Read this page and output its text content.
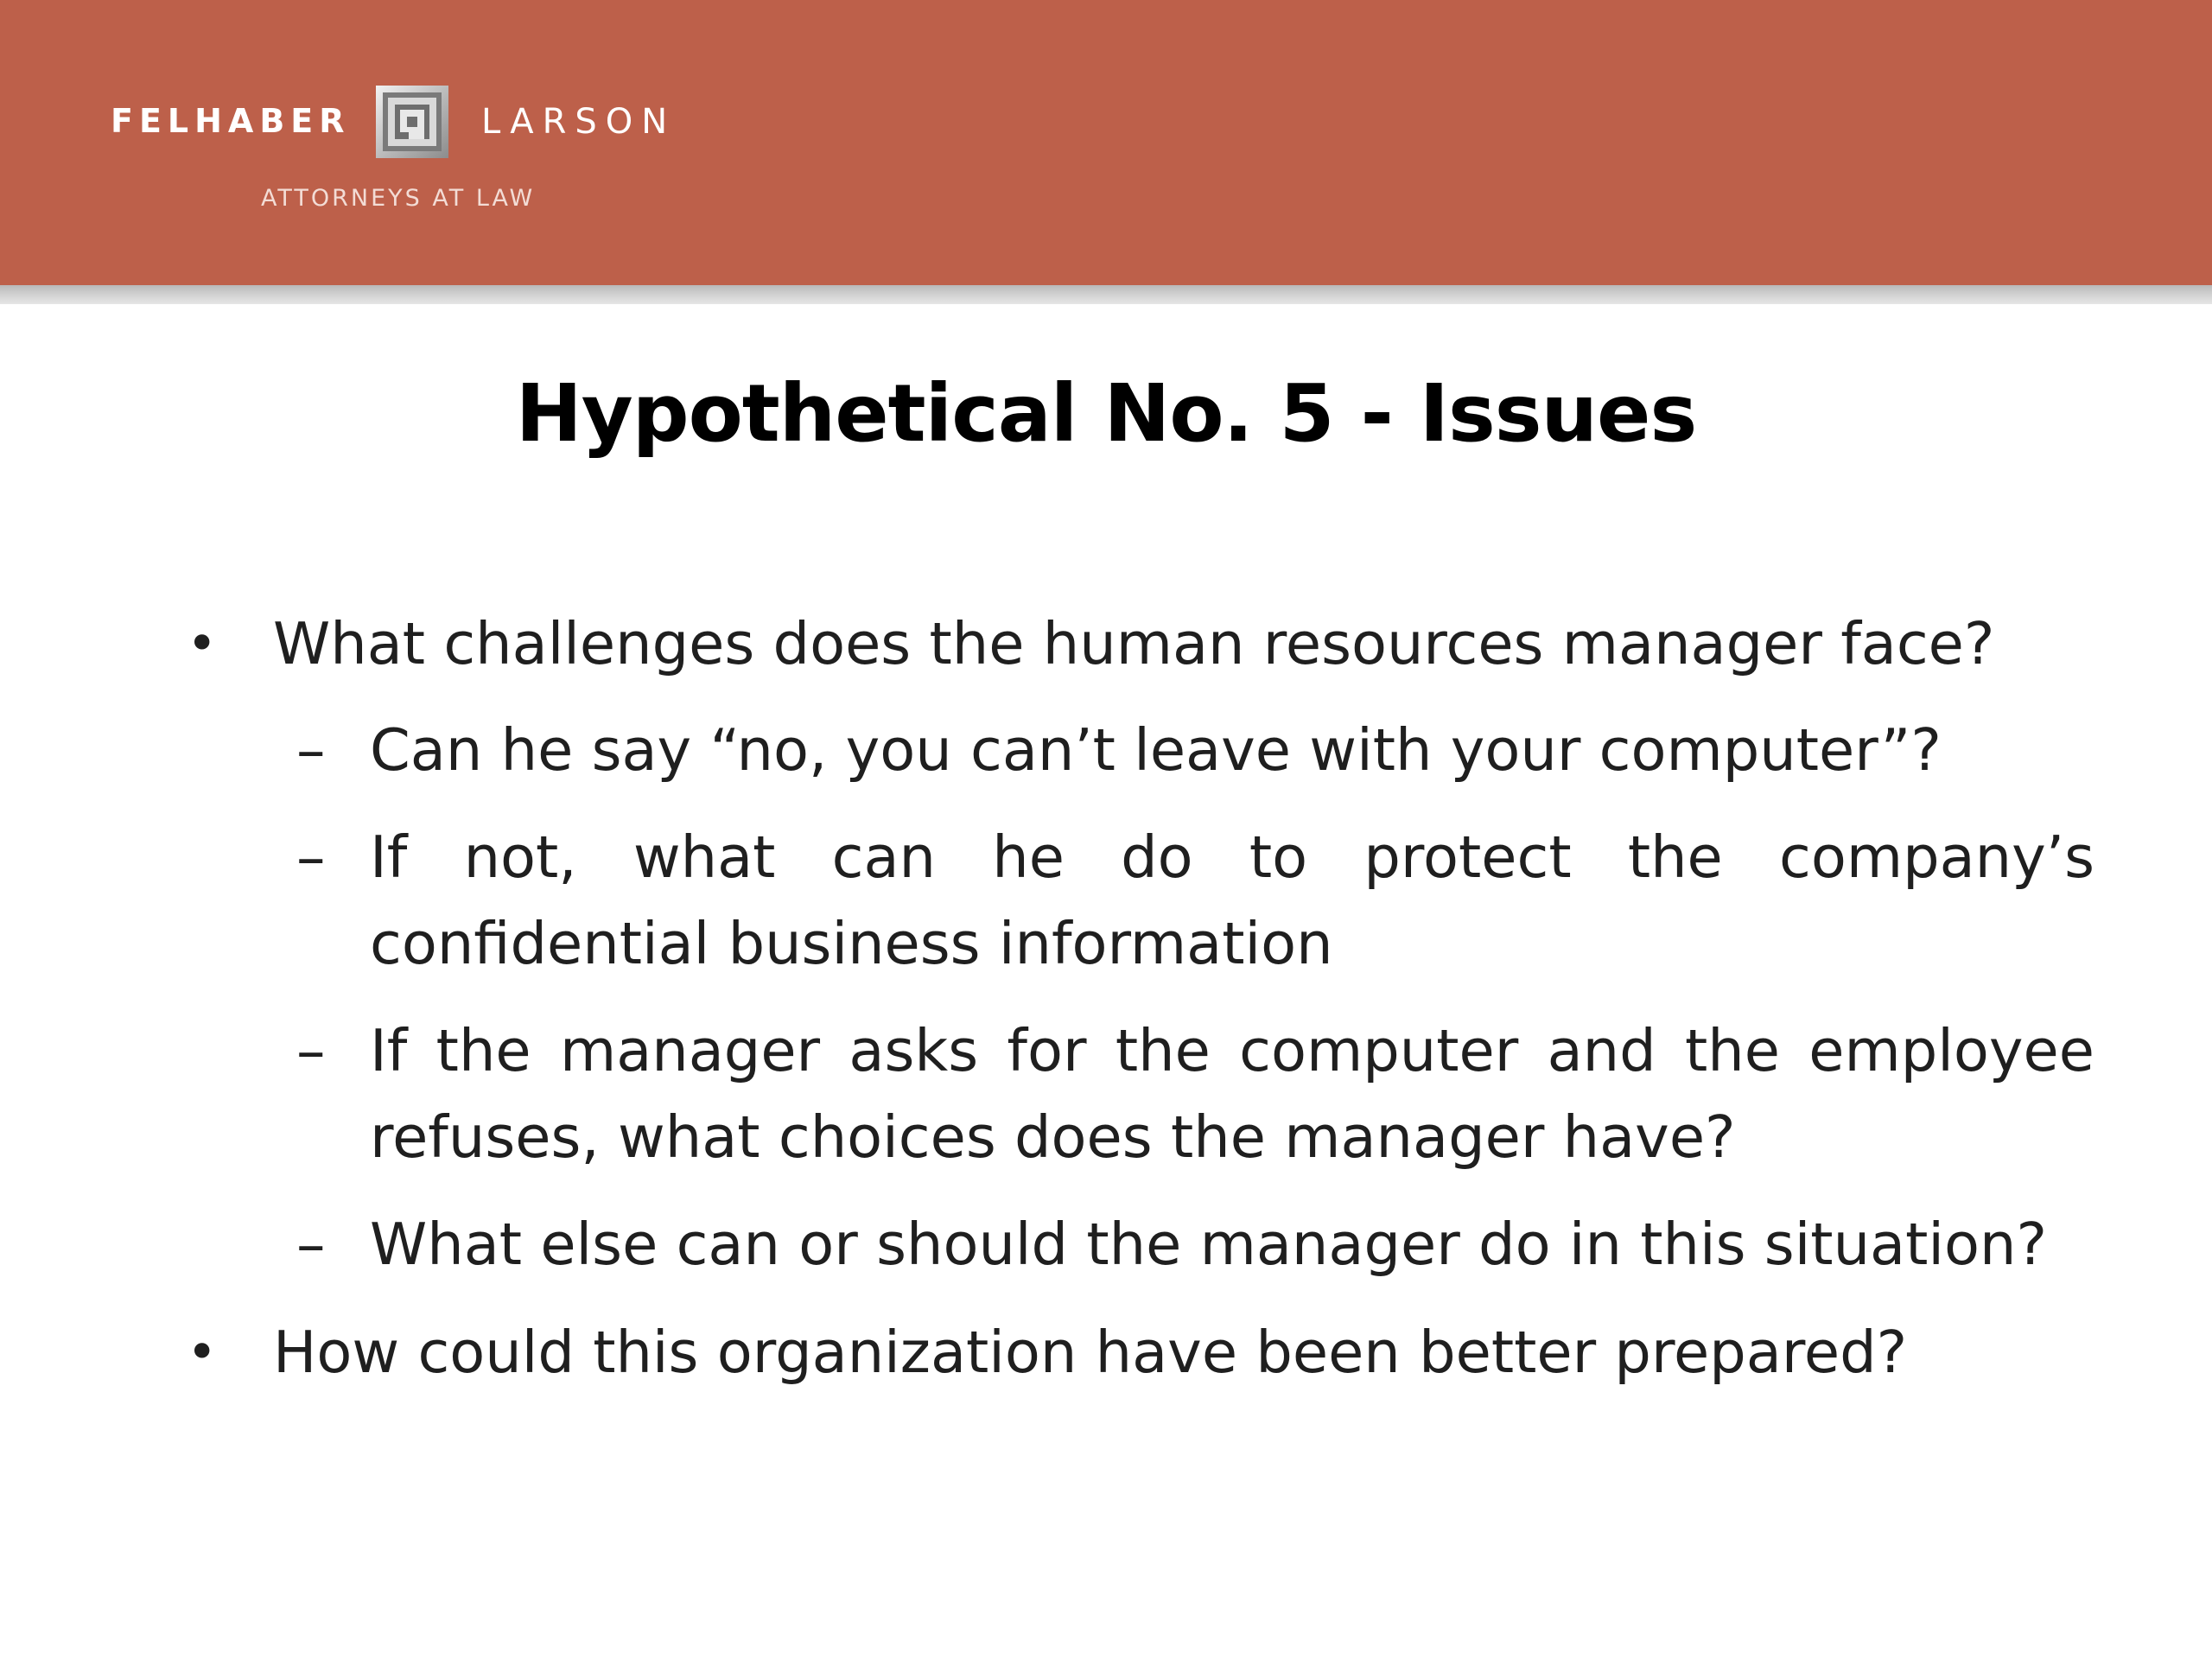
FELHABER	LARSON
ATTORNEYS AT LAW
Hypothetical No. 5 - Issues
• What challenges does the human resources manager face?
– Can he say “no, you can’t leave with your computer”?
– If not, what can he do to protect the company’s confidential business information
– If the manager asks for the computer and the employee refuses, what choices does the manager have?
– What else can or should the manager do in this situation?
• How could this organization have been better prepared?
